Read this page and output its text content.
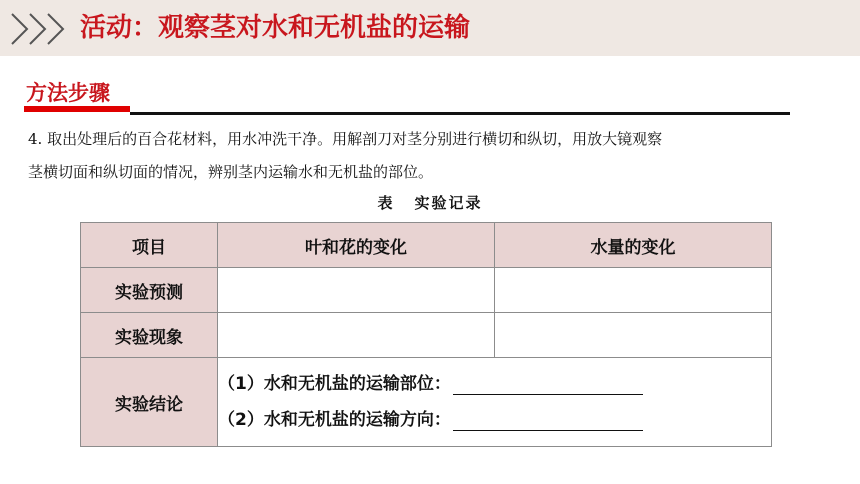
活动：观察茎对水和无机盐的运输
方法步骤
4. 取出处理后的百合花材料，用水冲洗干净。用解剖刀对茎分别进行横切和纵切，用放大镜观察
茎横切面和纵切面的情况，辨别茎内运输水和无机盐的部位。
表 实验记录
项目	叶和花的变化	水量的变化
实验预测		
实验现象		
实验结论	（1）水和无机盐的运输部位：
（2）水和无机盐的运输方向：	
